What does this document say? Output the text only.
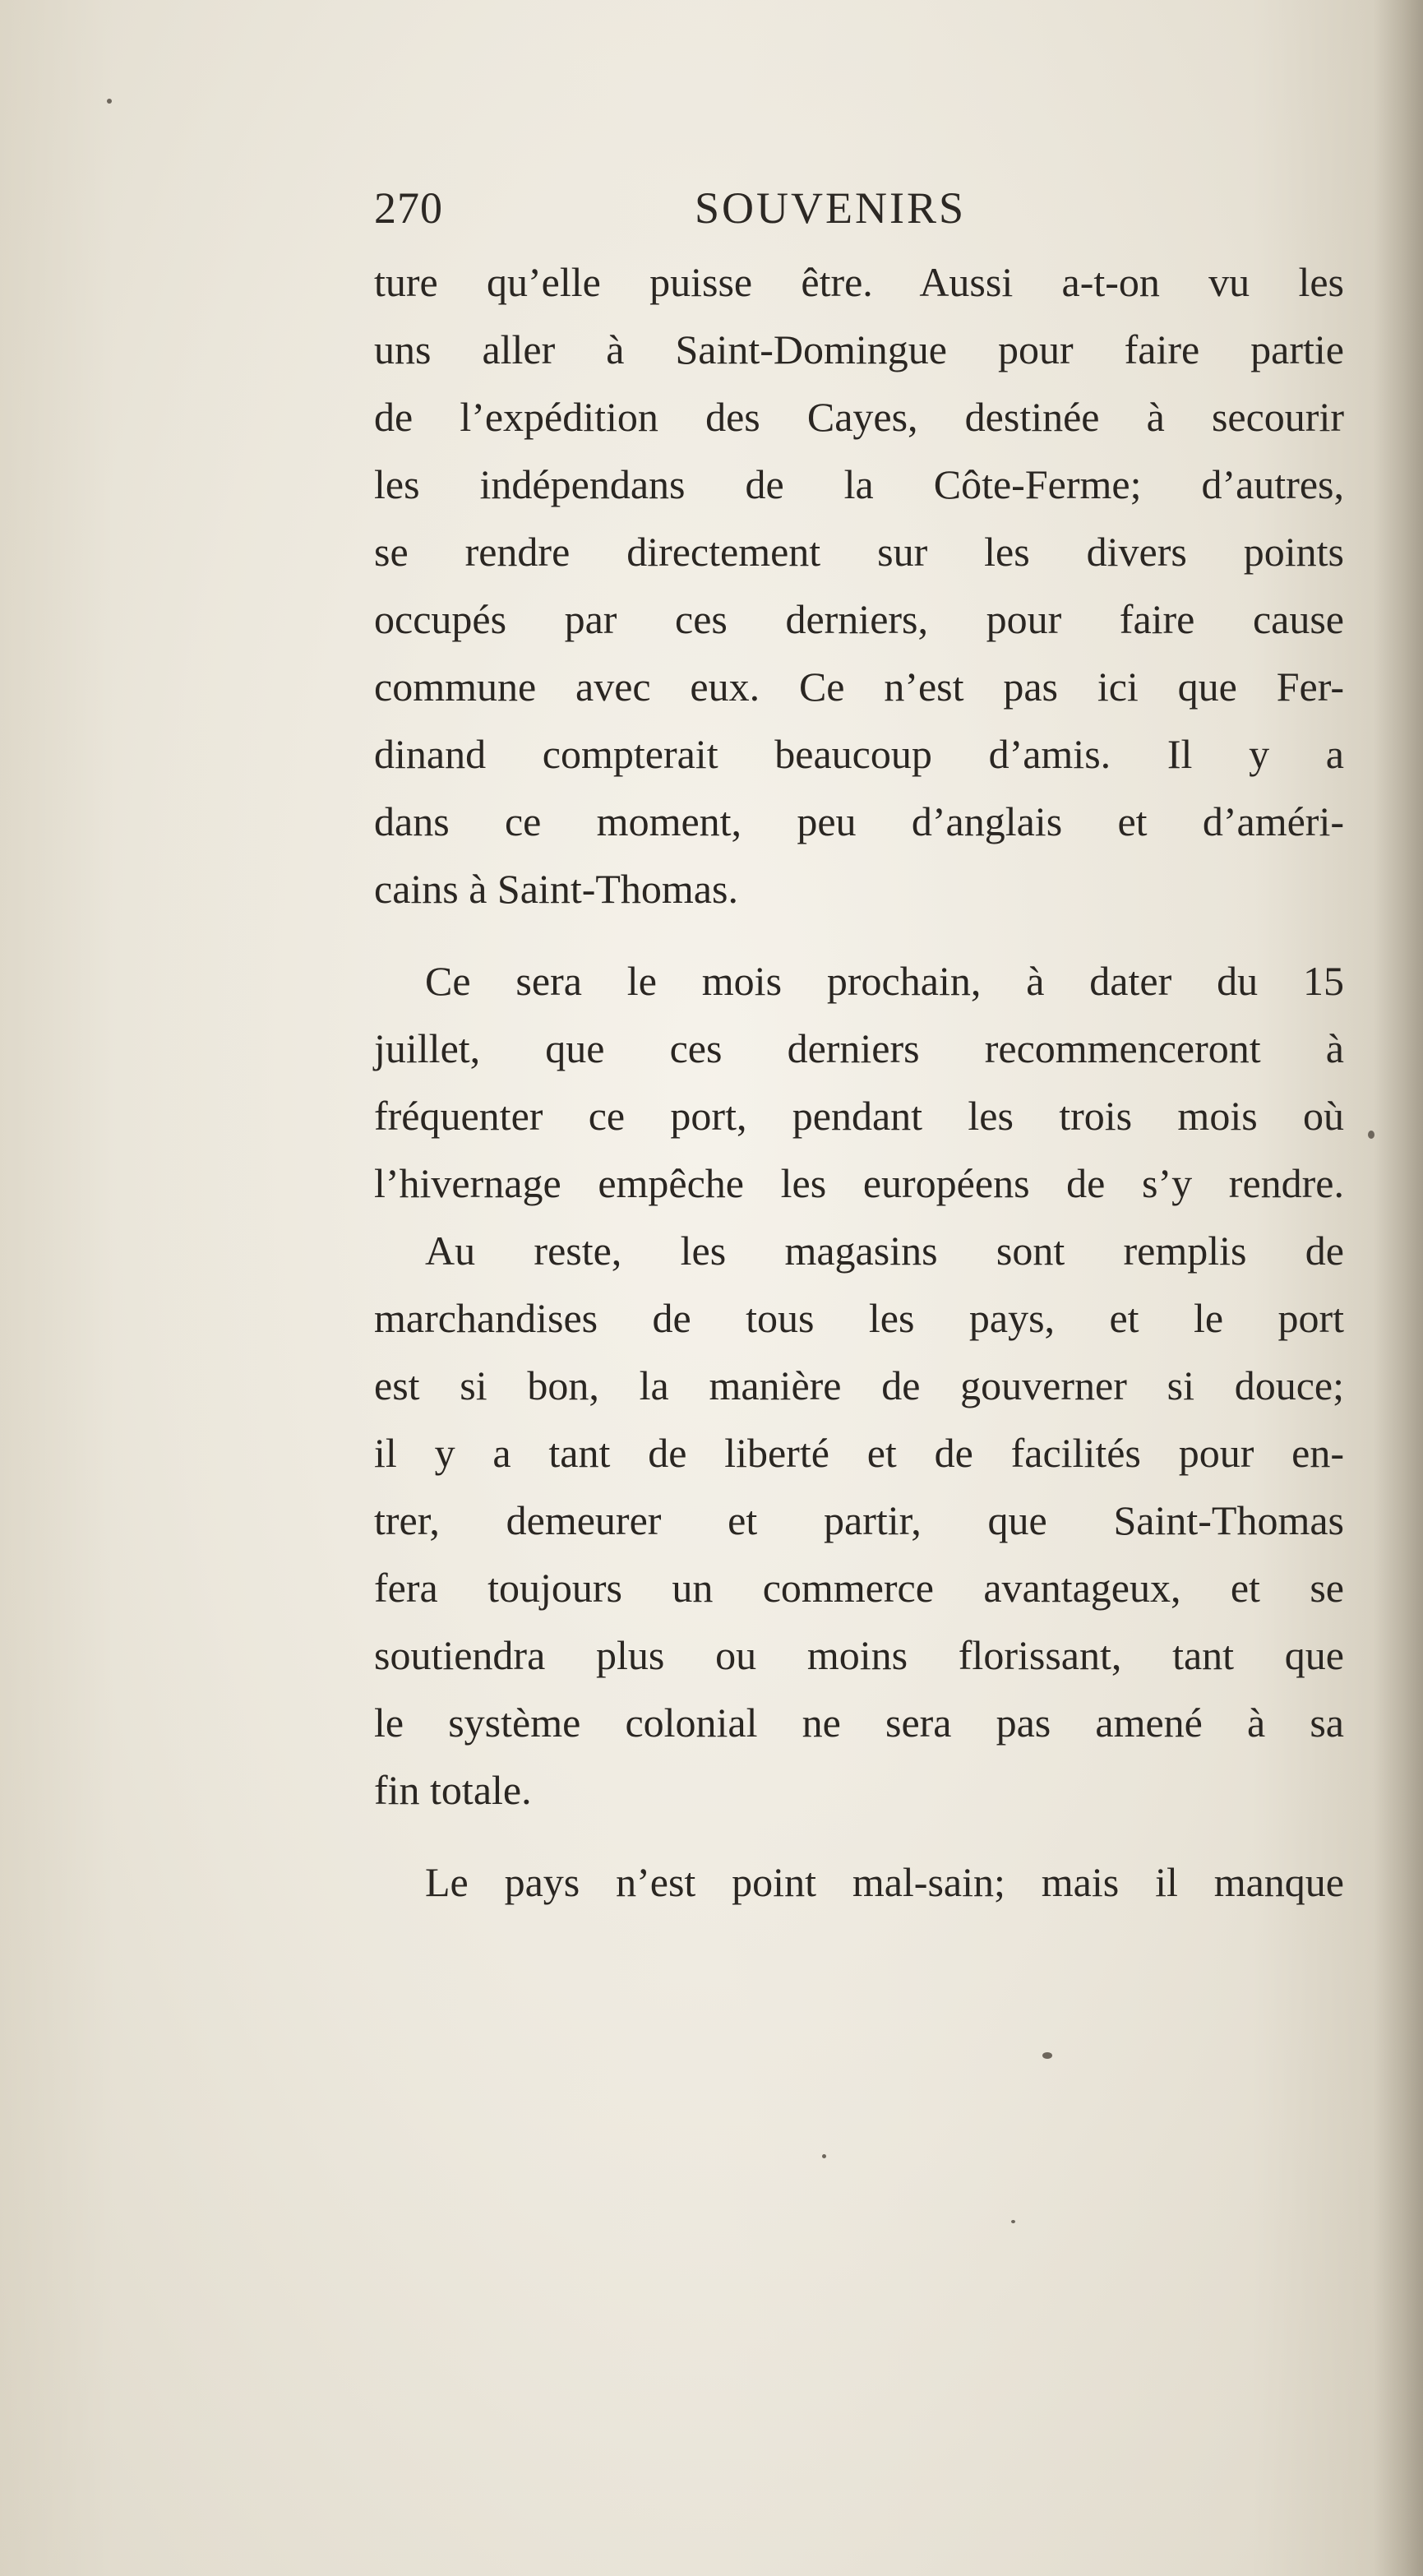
270	SOUVENIRS
ture qu’elle puisse être. Aussi a-t-on vu les
uns aller à Saint-Domingue pour faire partie
de l’expédition des Cayes, destinée à secourir
les indépendans de la Côte-Ferme; d’autres,
se rendre directement sur les divers points
occupés par ces derniers, pour faire cause
commune avec eux. Ce n’est pas ici que Fer-
dinand compterait beaucoup d’amis. Il y a
dans ce moment, peu d’anglais et d’améri-
cains à Saint-Thomas.
Ce sera le mois prochain, à dater du 15
juillet, que ces derniers recommenceront à
fréquenter ce port, pendant les trois mois où
l’hivernage empêche les européens de s’y rendre.
Au reste, les magasins sont remplis de
marchandises de tous les pays, et le port
est si bon, la manière de gouverner si douce;
il y a tant de liberté et de facilités pour en-
trer, demeurer et partir, que Saint-Thomas
fera toujours un commerce avantageux, et se
soutiendra plus ou moins florissant, tant que
le système colonial ne sera pas amené à sa
fin totale.
Le pays n’est point mal-sain; mais il manque
